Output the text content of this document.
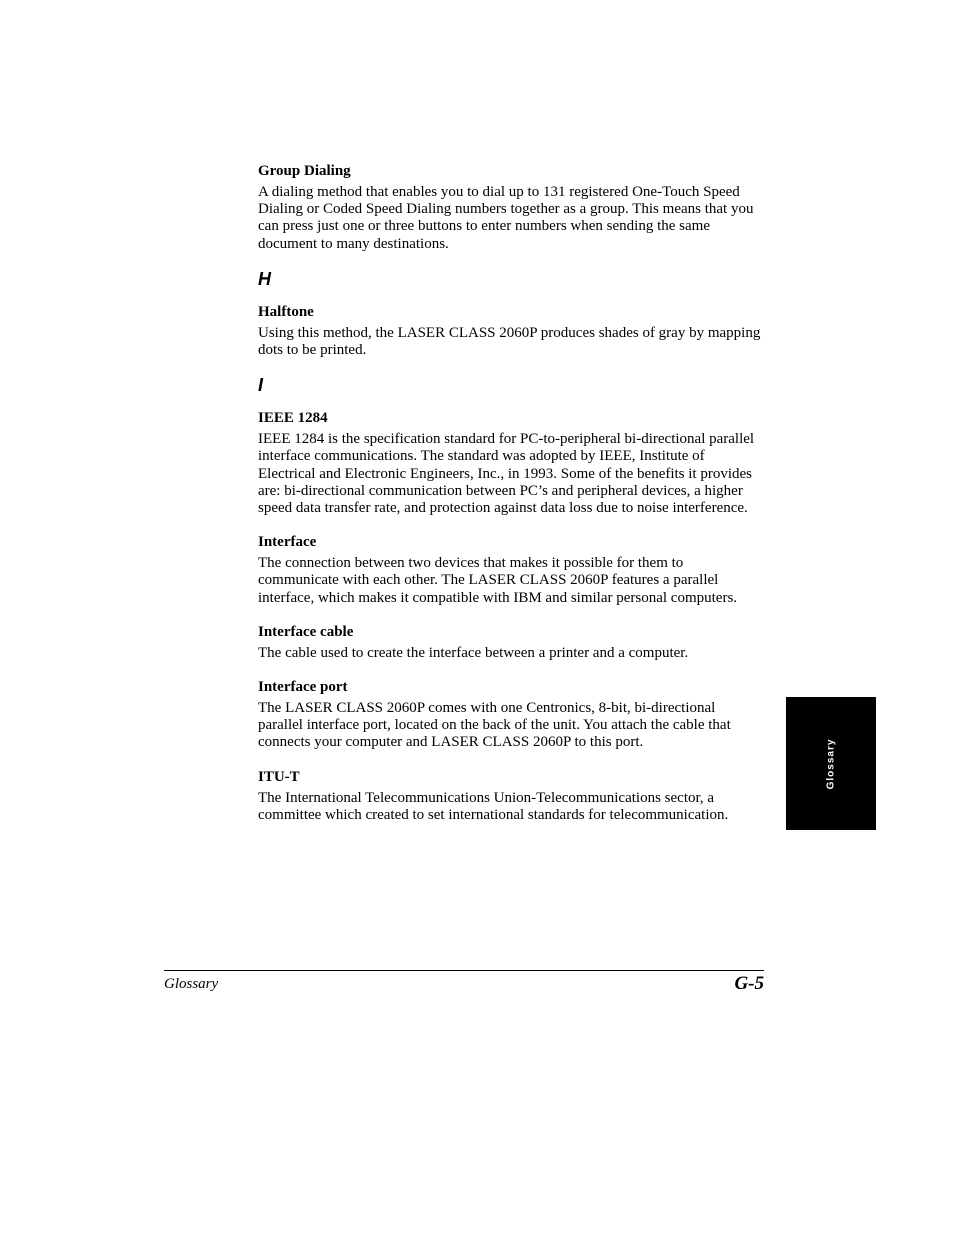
Group Dialing

A dialing method that enables you to dial up to 131 registered One-Touch Speed Dialing or Coded Speed Dialing numbers together as a group. This means that you can press just one or three buttons to enter numbers when sending the same document to many destinations.

H

Halftone

Using this method, the LASER CLASS 2060P produces shades of gray by mapping dots to be printed.

I

IEEE 1284

IEEE 1284 is the specification standard for PC-to-peripheral bi-directional parallel interface communications. The standard was adopted by IEEE, Institute of Electrical and Electronic Engineers, Inc., in 1993. Some of the benefits it provides are: bi-directional communication between PC’s and peripheral devices, a higher speed data transfer rate, and protection against data loss due to noise interference.

Interface

The connection between two devices that makes it possible for them to communicate with each other. The LASER CLASS 2060P features a parallel interface, which makes it compatible with IBM and similar personal computers.

Interface cable

The cable used to create the interface between a printer and a computer.

Interface port

The LASER CLASS 2060P comes with one Centronics, 8-bit, bi-directional parallel interface port, located on the back of the unit. You attach the cable that connects your computer and LASER CLASS 2060P to this port.

ITU-T

The International Telecommunications Union-Telecommunications sector, a committee which created to set international standards for telecommunication.

Glossary	G-5
Glossary
